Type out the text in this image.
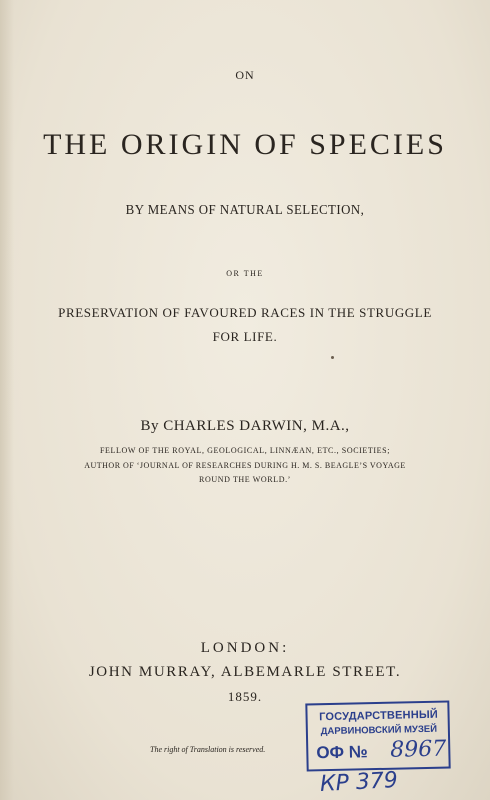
ON
THE ORIGIN OF SPECIES
BY MEANS OF NATURAL SELECTION,
OR THE
PRESERVATION OF FAVOURED RACES IN THE STRUGGLE
FOR LIFE.
By CHARLES DARWIN, M.A.,
FELLOW OF THE ROYAL, GEOLOGICAL, LINNÆAN, ETC., SOCIETIES;
AUTHOR OF ‘JOURNAL OF RESEARCHES DURING H. M. S. BEAGLE’S VOYAGE
ROUND THE WORLD.’
LONDON:
JOHN MURRAY, ALBEMARLE STREET.
1859.
The right of Translation is reserved.
ГОСУДАРСТВЕННЫЙ
ДАРВИНОВСКИЙ МУЗЕЙ
ОФ № 8967
КР 379
